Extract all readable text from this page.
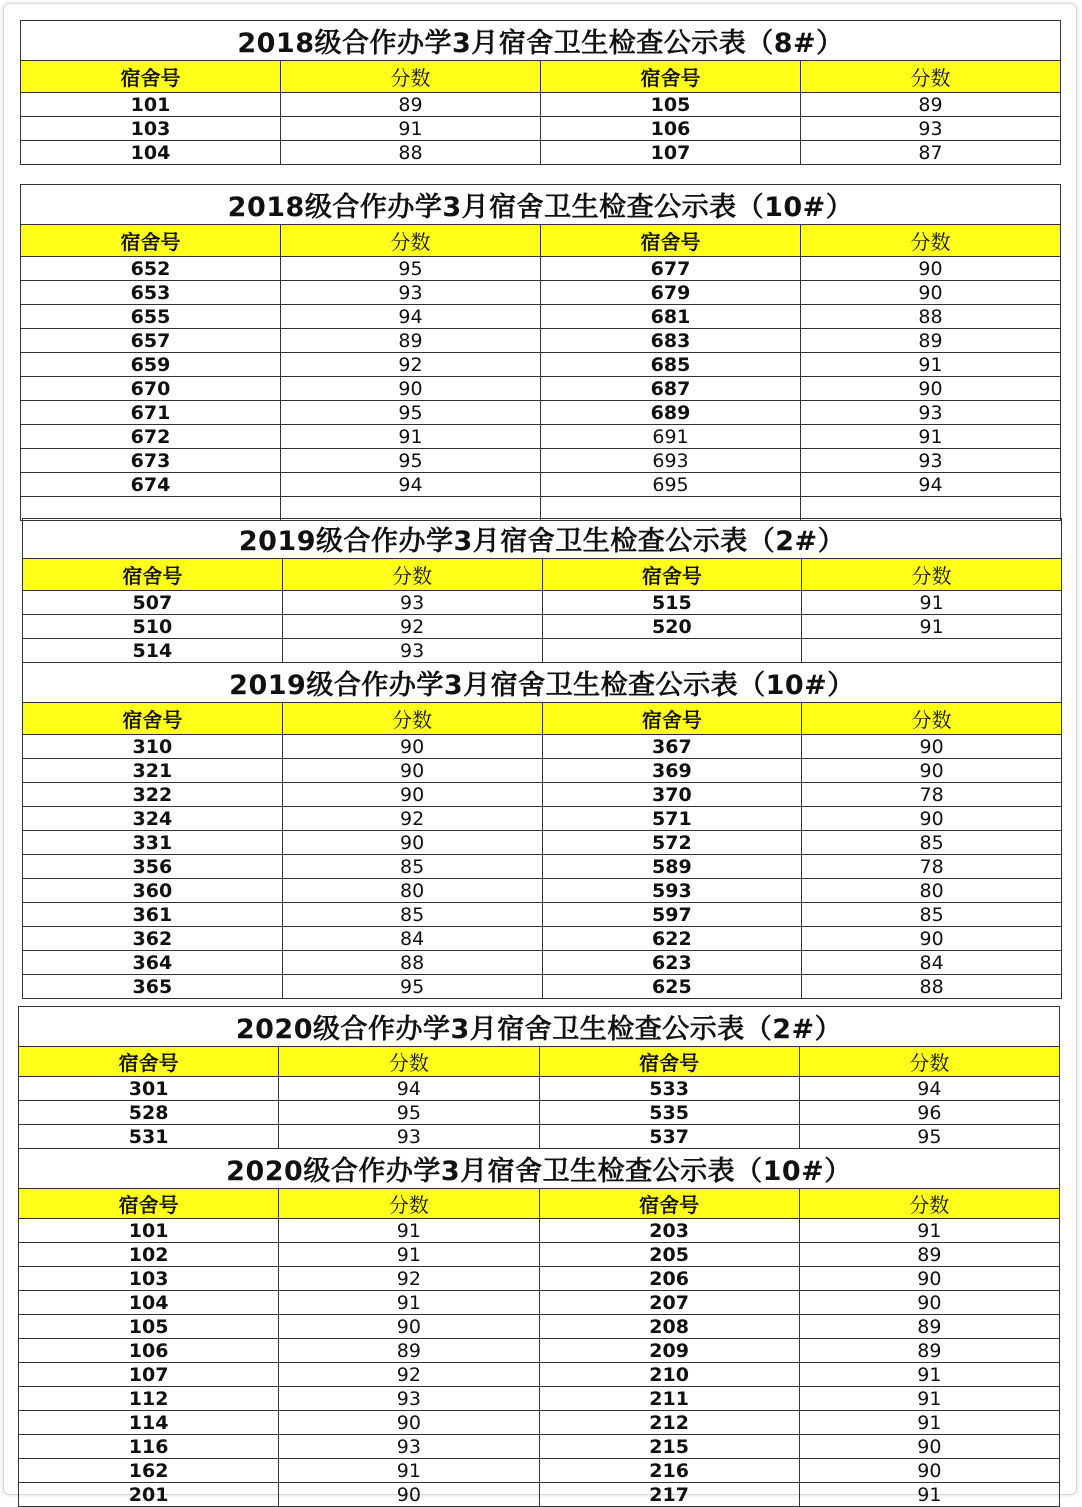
2018级合作办学3月宿舍卫生检查公示表（8#）			
宿舍号	分数	宿舍号	分数
101	89	105	89
103	91	106	93
104	88	107	87
2018级合作办学3月宿舍卫生检查公示表（10#）			
宿舍号	分数	宿舍号	分数
652	95	677	90
653	93	679	90
655	94	681	88
657	89	683	89
659	92	685	91
670	90	687	90
671	95	689	93
672	91	691	91
673	95	693	93
674	94	695	94

2019级合作办学3月宿舍卫生检查公示表（2#）			
宿舍号	分数	宿舍号	分数
507	93	515	91
510	92	520	91
514	93		
2019级合作办学3月宿舍卫生检查公示表（10#）			
宿舍号	分数	宿舍号	分数
310	90	367	90
321	90	369	90
322	90	370	78
324	92	571	90
331	90	572	85
356	85	589	78
360	80	593	80
361	85	597	85
362	84	622	90
364	88	623	84
365	95	625	88
2020级合作办学3月宿舍卫生检查公示表（2#）			
宿舍号	分数	宿舍号	分数
301	94	533	94
528	95	535	96
531	93	537	95
2020级合作办学3月宿舍卫生检查公示表（10#）			
宿舍号	分数	宿舍号	分数
101	91	203	91
102	91	205	89
103	92	206	90
104	91	207	90
105	90	208	89
106	89	209	89
107	92	210	91
112	93	211	91
114	90	212	91
116	93	215	90
162	91	216	90
201	90	217	91
